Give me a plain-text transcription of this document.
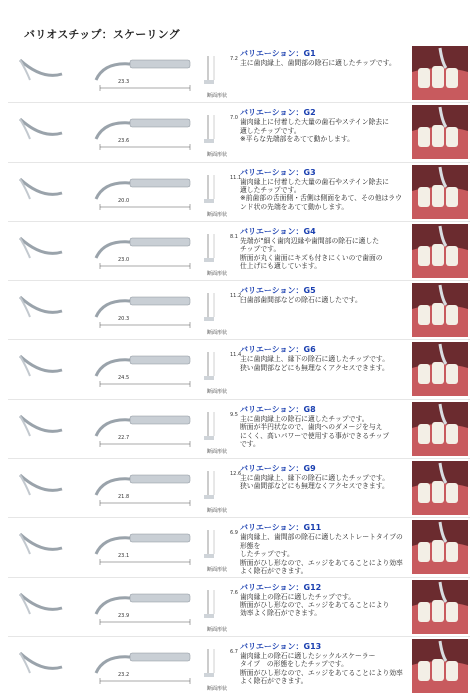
バリオスチップ：スケーリング
23.3
7.2
断面形状
バリエーション：G1
主に歯肉縁上、歯間部の除石に適したチップです。
23.6
7.0
断面形状
バリエーション：G2
歯肉縁上に付着した大量の歯石やステイン除去に
適したチップです。
※平らな先端部をあてて動かします。
20.0
11.1
断面形状
バリエーション：G3
歯肉縁上に付着した大量の歯石やステイン除去に
適したチップです。
※前歯部の舌面側・舌側は側面をあて、その他はラウ
ンド状の先端をあてて動かします。
23.0
8.1
断面形状
バリエーション：G4
先端が"細く歯肉辺縁や歯間部の除石に適した
チップです。
断面が丸く歯面にキズも付きにくいので歯面の
仕上げにも適しています。
20.3
11.2
断面形状
バリエーション：G5
臼歯部歯間部などの除石に適したです。
24.5
11.4
断面形状
バリエーション：G6
主に歯肉縁上、縁下の除石に適したチップです。
狭い歯間部などにも無理なくアクセスできます。
22.7
9.5
断面形状
バリエーション：G8
主に歯肉縁上の除石に適したチップです。
断面が半円状なので、歯肉へのダメージを与え
にくく、高いパワーで使用する事ができるチップ
です。
21.8
12.6
断面形状
バリエーション：G9
主に歯肉縁上、縁下の除石に適したチップです。
狭い歯間部などにも無理なくアクセスできます。
23.1
6.9
断面形状
バリエーション：G11
歯肉縁上、歯間部の除石に適したストレートタイプの形態を
したチップです。
断面がひし形なので、エッジをあてることにより効率
よく除石ができます。
23.9
7.6
断面形状
バリエーション：G12
歯肉縁上の除石に適したチップです。
断面がひし形なので、エッジをあてることにより
効率よく除石ができます。
23.2
6.7
断面形状
バリエーション：G13
歯肉縁上の除石に適したシックルスケーラー
タイプ　の形態をしたチップです。
断面がひし形なので、エッジをあてることにより効率
よく除石ができます。
